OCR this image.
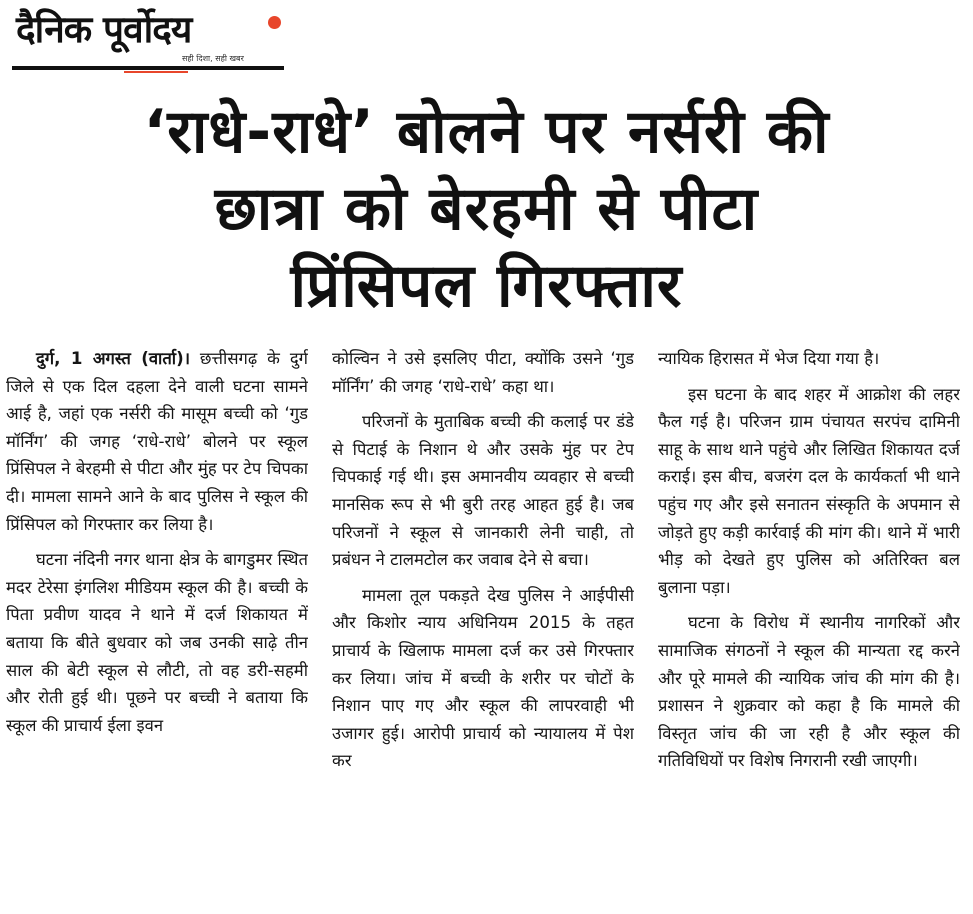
दैनिक पूर्वोदय
सही दिशा, सही खबर
‘राधे-राधे’ बोलने पर नर्सरी की
छात्रा को बेरहमी से पीटा
प्रिंसिपल गिरफ्तार

दुर्ग, 1 अगस्त (वार्ता)। छत्तीसगढ़ के दुर्ग जिले से एक दिल दहला देने वाली घटना सामने आई है, जहां एक नर्सरी की मासूम बच्ची को ‘गुड मॉर्निंग’ की जगह ‘राधे-राधे’ बोलने पर स्कूल प्रिंसिपल ने बेरहमी से पीटा और मुंह पर टेप चिपका दी। मामला सामने आने के बाद पुलिस ने स्कूल की प्रिंसिपल को गिरफ्तार कर लिया है।

घटना नंदिनी नगर थाना क्षेत्र के बागडुमर स्थित मदर टेरेसा इंगलिश मीडियम स्कूल की है। बच्ची के पिता प्रवीण यादव ने थाने में दर्ज शिकायत में बताया कि बीते बुधवार को जब उनकी साढ़े तीन साल की बेटी स्कूल से लौटी, तो वह डरी-सहमी और रोती हुई थी। पूछने पर बच्ची ने बताया कि स्कूल की प्राचार्य ईला इवन

कोल्विन ने उसे इसलिए पीटा, क्योंकि उसने ‘गुड मॉर्निंग’ की जगह ‘राधे-राधे’ कहा था।

परिजनों के मुताबिक बच्ची की कलाई पर डंडे से पिटाई के निशान थे और उसके मुंह पर टेप चिपकाई गई थी। इस अमानवीय व्यवहार से बच्ची मानसिक रूप से भी बुरी तरह आहत हुई है। जब परिजनों ने स्कूल से जानकारी लेनी चाही, तो प्रबंधन ने टालमटोल कर जवाब देने से बचा।

मामला तूल पकड़ते देख पुलिस ने आईपीसी और किशोर न्याय अधिनियम 2015 के तहत प्राचार्य के खिलाफ मामला दर्ज कर उसे गिरफ्तार कर लिया। जांच में बच्ची के शरीर पर चोटों के निशान पाए गए और स्कूल की लापरवाही भी उजागर हुई। आरोपी प्राचार्य को न्यायालय में पेश कर

न्यायिक हिरासत में भेज दिया गया है।

इस घटना के बाद शहर में आक्रोश की लहर फैल गई है। परिजन ग्राम पंचायत सरपंच दामिनी साहू के साथ थाने पहुंचे और लिखित शिकायत दर्ज कराई। इस बीच, बजरंग दल के कार्यकर्ता भी थाने पहुंच गए और इसे सनातन संस्कृति के अपमान से जोड़ते हुए कड़ी कार्रवाई की मांग की। थाने में भारी भीड़ को देखते हुए पुलिस को अतिरिक्त बल बुलाना पड़ा।

घटना के विरोध में स्थानीय नागरिकों और सामाजिक संगठनों ने स्कूल की मान्यता रद्द करने और पूरे मामले की न्यायिक जांच की मांग की है। प्रशासन ने शुक्रवार को कहा है कि मामले की विस्तृत जांच की जा रही है और स्कूल की गतिविधियों पर विशेष निगरानी रखी जाएगी।
